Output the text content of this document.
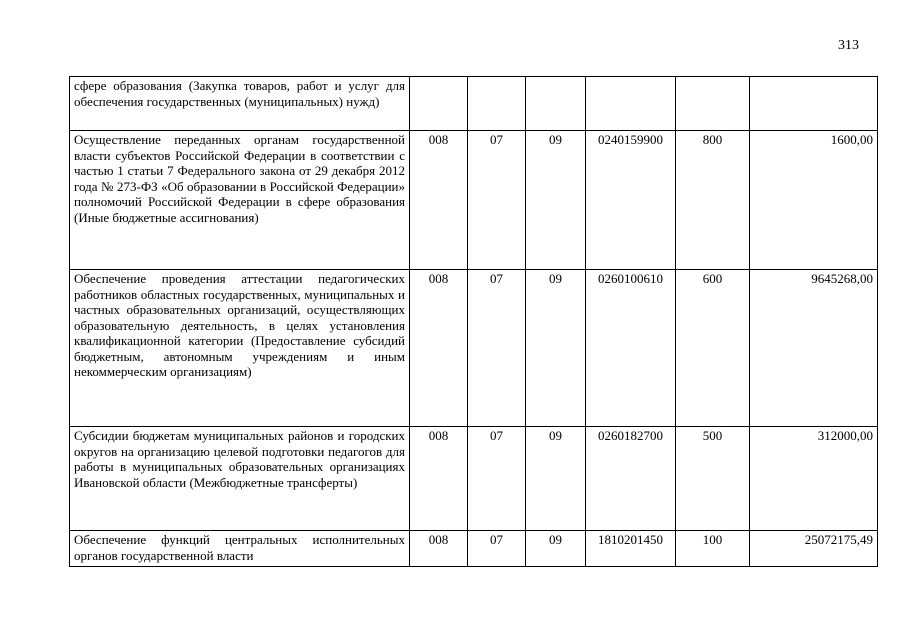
313
сфере образования (Закупка товаров, работ и услуг для обеспечения государственных (муниципальных) нужд)						
Осуществление переданных органам государственной власти субъектов Российской Федерации в соответствии с частью 1 статьи 7 Федерального закона от 29 декабря 2012 года № 273-ФЗ «Об образовании в Российской Федерации» полномочий Российской Федерации в сфере образования (Иные бюджетные ассигнования)	008	07	09	0240159900	800	1600,00
Обеспечение проведения аттестации педагогических работников областных государственных, муниципальных и частных образовательных организаций, осуществляющих образовательную деятельность, в целях установления квалификационной категории (Предоставление субсидий бюджетным, автономным учреждениям и иным некоммерческим организациям)	008	07	09	0260100610	600	9645268,00
Субсидии бюджетам муниципальных районов и городских округов на организацию целевой подготовки педагогов для работы в муниципальных образовательных организациях Ивановской области (Межбюджетные трансферты)	008	07	09	0260182700	500	312000,00
Обеспечение функций центральных исполнительных органов государственной власти	008	07	09	1810201450	100	25072175,49
